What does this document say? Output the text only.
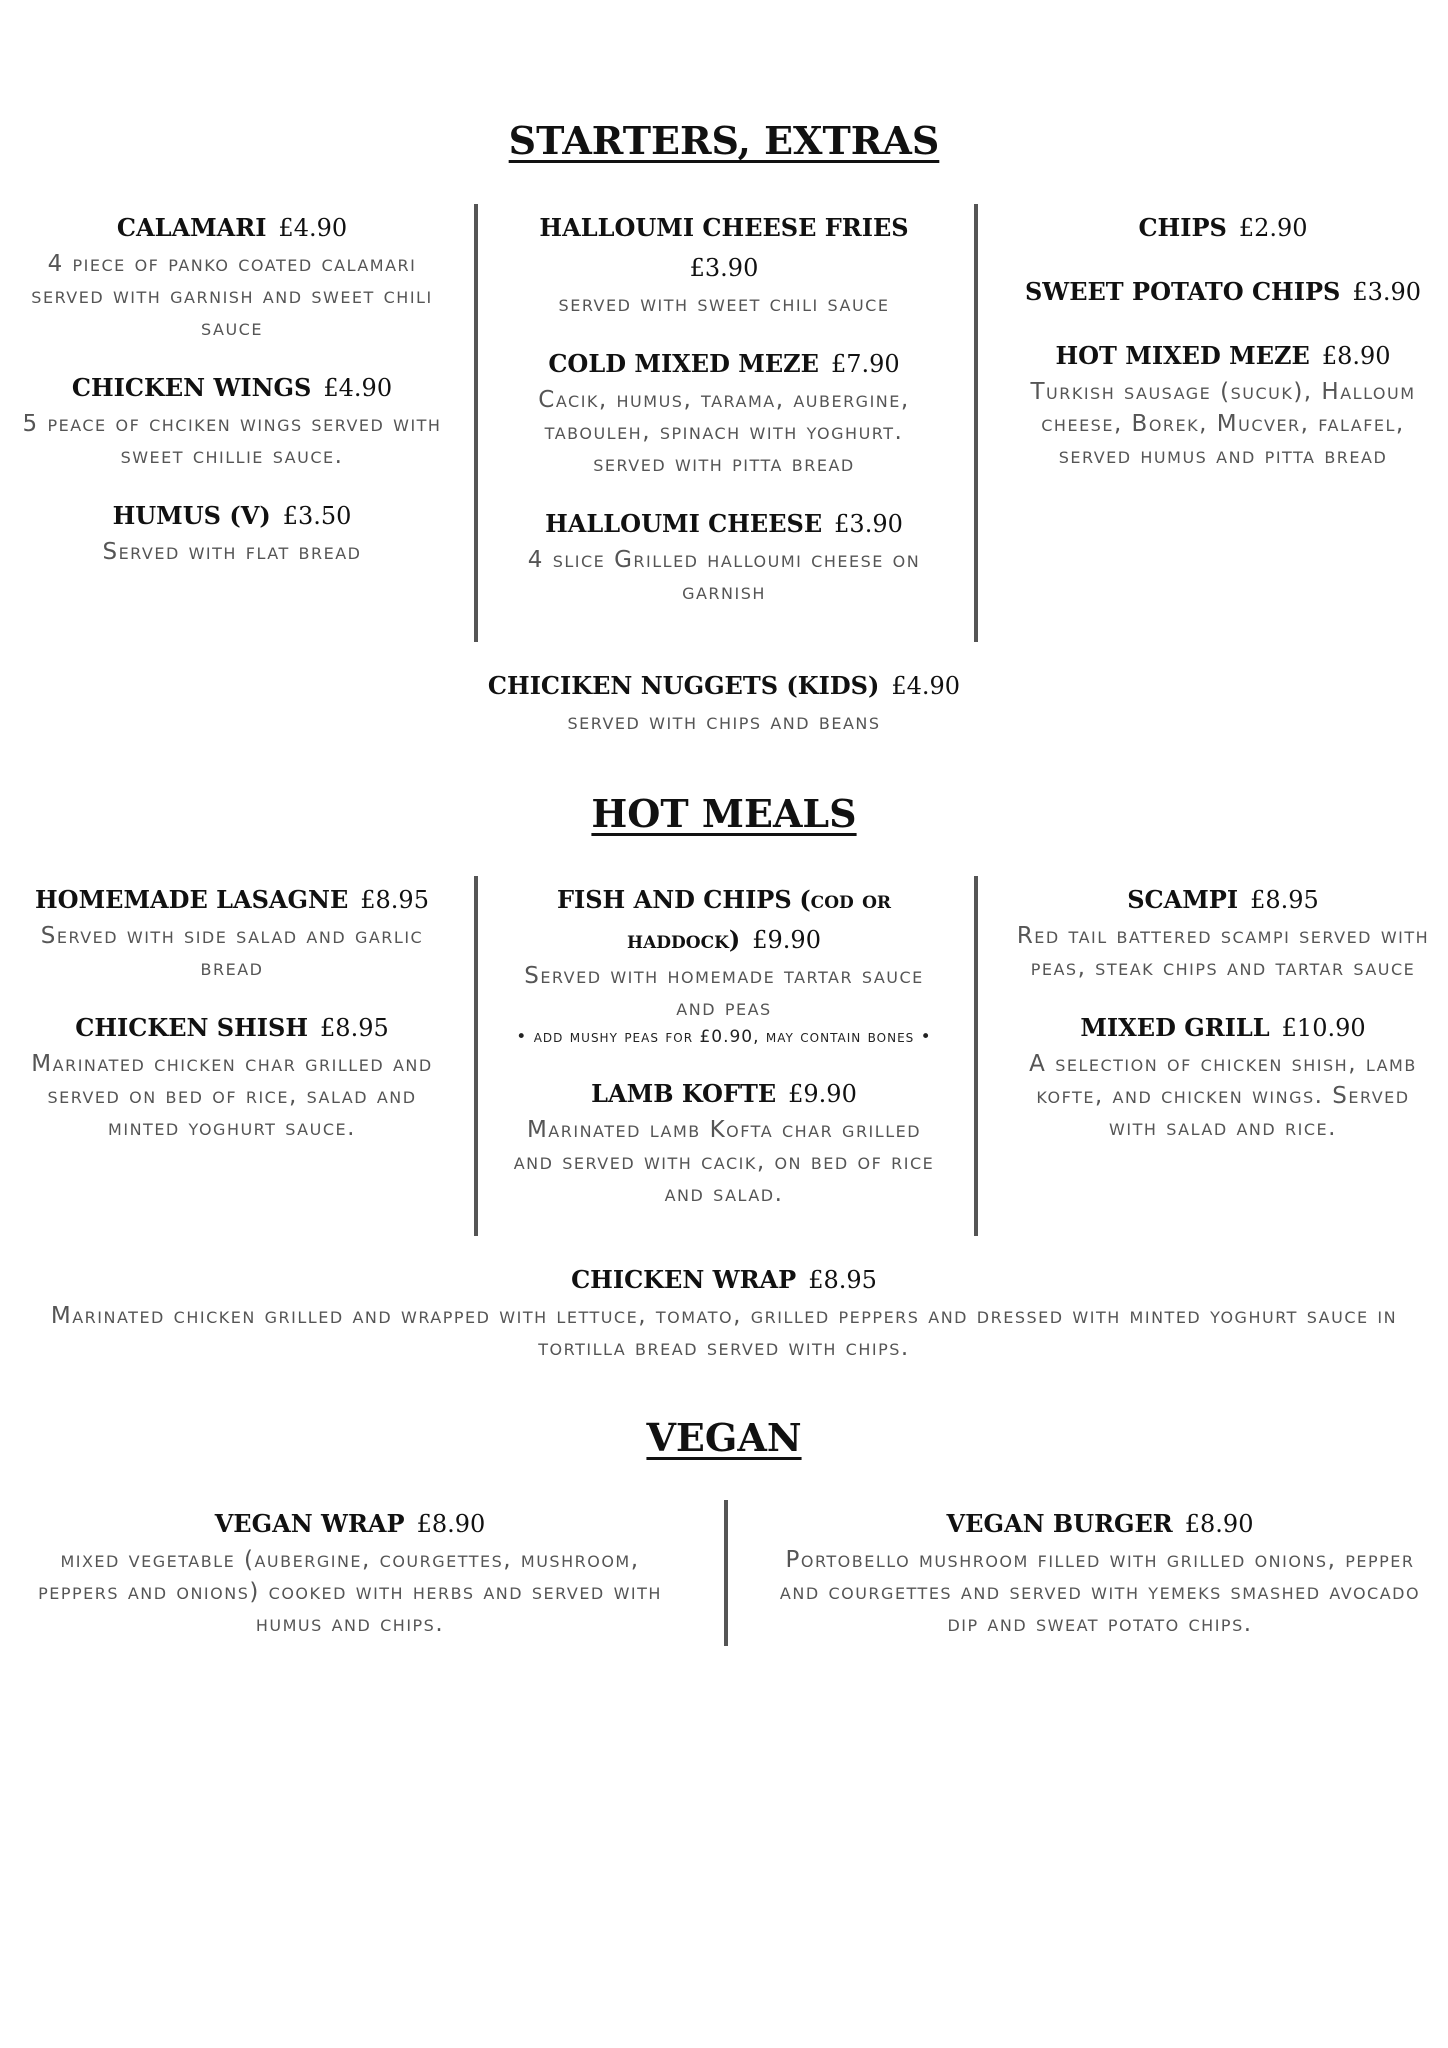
STARTERS, EXTRAS
CALAMARI £4.90
4 piece of panko coated calamari served with garnish and sweet chili sauce
CHICKEN WINGS £4.90
5 peace of chciken wings served with sweet chillie sauce.
HUMUS (V) £3.50
Served with flat bread
HALLOUMI CHEESE FRIES
£3.90
served with sweet chili sauce
COLD MIXED MEZE £7.90
Cacik, humus, tarama, aubergine, tabouleh, spinach with yoghurt. served with pitta bread
HALLOUMI CHEESE £3.90
4 slice Grilled halloumi cheese on garnish
CHIPS £2.90
SWEET POTATO CHIPS £3.90
HOT MIXED MEZE £8.90
Turkish sausage (sucuk), Halloum cheese, Borek, Mucver, falafel, served humus and pitta bread
CHICIKEN NUGGETS (KIDS) £4.90
served with chips and beans
HOT MEALS
HOMEMADE LASAGNE £8.95
Served with side salad and garlic bread
CHICKEN SHISH £8.95
Marinated chicken char grilled and served on bed of rice, salad and minted yoghurt sauce.
FISH AND CHIPS (cod or haddock) £9.90
Served with homemade tartar sauce and peas
• add mushy peas for £0.90, may contain bones •
LAMB KOFTE £9.90
Marinated lamb Kofta char grilled and served with cacik, on bed of rice and salad.
SCAMPI £8.95
Red tail battered scampi served with peas, steak chips and tartar sauce
MIXED GRILL £10.90
A selection of chicken shish, lamb kofte, and chicken wings. Served with salad and rice.
CHICKEN WRAP £8.95
Marinated chicken grilled and wrapped with lettuce, tomato, grilled peppers and dressed with minted yoghurt sauce in tortilla bread served with chips.
VEGAN
VEGAN WRAP £8.90
mixed vegetable (aubergine, courgettes, mushroom, peppers and onions) cooked with herbs and served with humus and chips.
VEGAN BURGER £8.90
Portobello mushroom filled with grilled onions, pepper and courgettes and served with yemeks smashed avocado dip and sweat potato chips.
